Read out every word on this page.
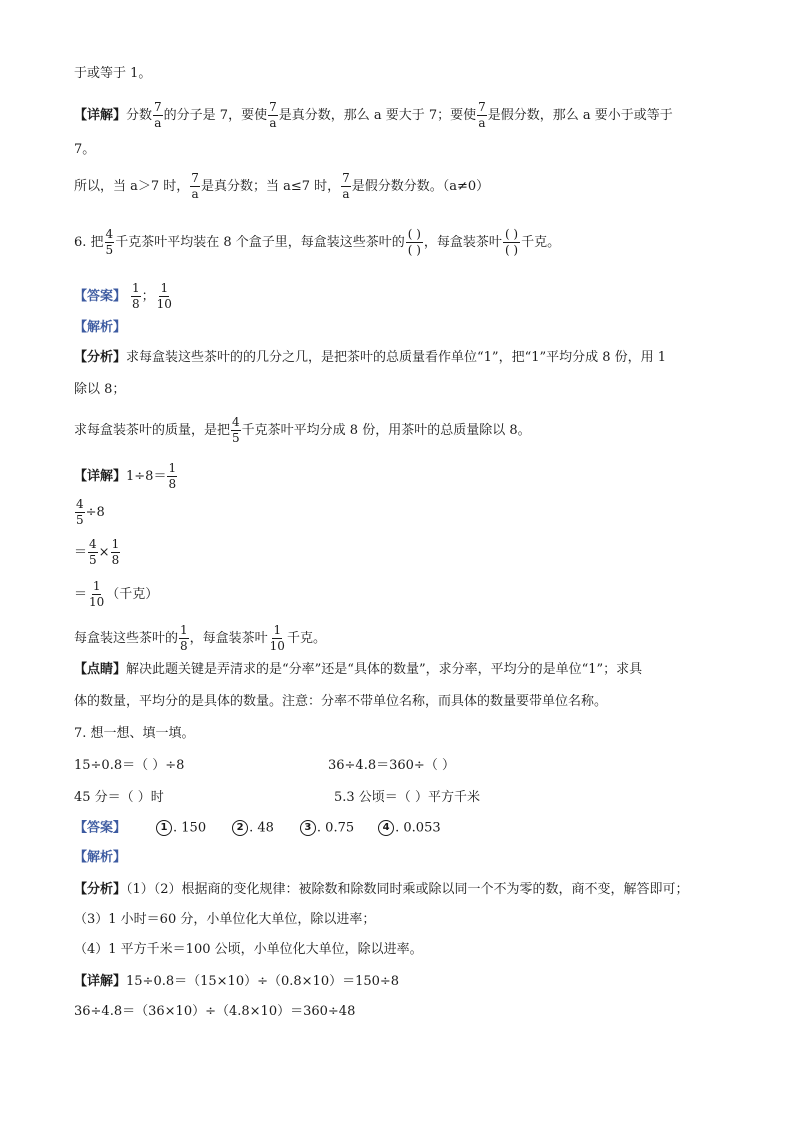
于或等于 1。
【详解】分数 $\frac{7}{a}$ 的分子是 7，要使 $\frac{7}{a}$ 是真分数，那么 a 要大于 7；要使 $\frac{7}{a}$ 是假分数，那么 a 要小于或等于
7。
所以，当 a＞7 时， $\frac{7}{a}$ 是真分数；当 a≤7 时， $\frac{7}{a}$ 是假分数分数。（a≠0）
6. 把 $\frac{4}{5}$ 千克茶叶平均装在 8 个盒子里，每盒装这些茶叶的 $\frac{( )}{( )}$ ，每盒装茶叶 $\frac{( )}{( )}$ 千克。
【答案】 $\frac{1}{8}$ ； $\frac{1}{10}$
【解析】
【分析】求每盒装这些茶叶的的几分之几，是把茶叶的总质量看作单位“1”，把“1”平均分成 8 份，用 1
除以 8；
求每盒装茶叶的质量，是把 $\frac{4}{5}$ 千克茶叶平均分成 8 份，用茶叶的总质量除以 8。
【详解】$1\div 8= \frac{1}{8}$
$\frac{4}{5} \div 8$
＝ $\frac{4}{5} \times \frac{1}{8}$
＝ $\frac{1}{10}$ （千克）
每盒装这些茶叶的 $\frac{1}{8}$ ，每盒装茶叶 $\frac{1}{10}$ 千克。
【点睛】解决此题关键是弄清求的是“分率”还是“具体的数量”，求分率，平均分的是单位“1”；求具
体的数量，平均分的是具体的数量。注意：分率不带单位名称，而具体的数量要带单位名称。
7. 想一想、填一填。
15÷0.8＝（ ）÷8	36÷4.8＝360÷（ ）
45 分＝（ ）时	5.3 公顷＝（ ）平方千米
【答案】	1 . 150	2 . 48	3 . 0.75	4 . 0.053
【解析】
【分析】（1）（2）根据商的变化规律：被除数和除数同时乘或除以同一个不为零的数，商不变，解答即可；
（3）1 小时＝60 分，小单位化大单位，除以进率；
（4）1 平方千米＝100 公顷，小单位化大单位，除以进率。
【详解】15÷0.8＝（15×10）÷（0.8×10）＝150÷8
36÷4.8＝（36×10）÷（4.8×10）＝360÷48
